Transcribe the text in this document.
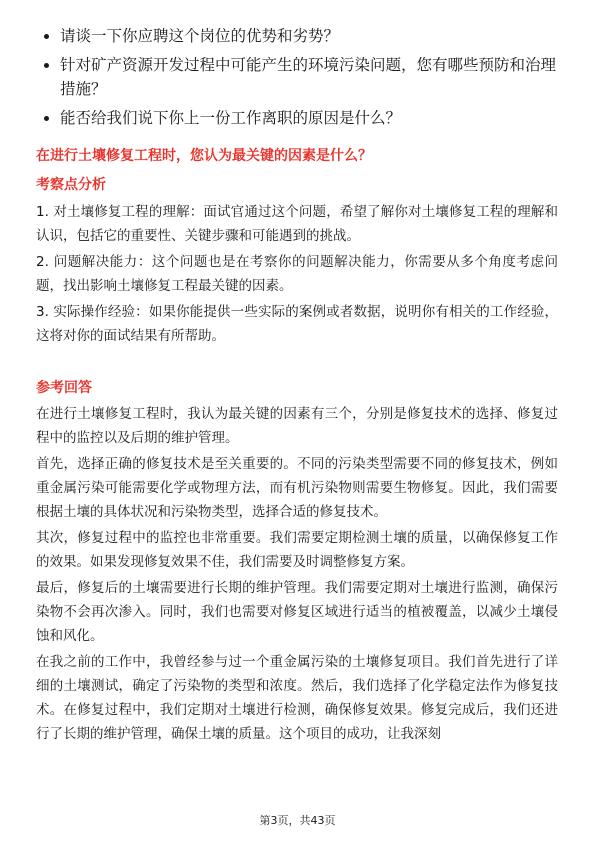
请谈一下你应聘这个岗位的优势和劣势？
针对矿产资源开发过程中可能产生的环境污染问题，您有哪些预防和治理措施？
能否给我们说下你上一份工作离职的原因是什么？
在进行土壤修复工程时，您认为最关键的因素是什么？
考察点分析

1. 对土壤修复工程的理解：面试官通过这个问题，希望了解你对土壤修复工程的理解和认识，包括它的重要性、关键步骤和可能遇到的挑战。

2. 问题解决能力：这个问题也是在考察你的问题解决能力，你需要从多个角度考虑问题，找出影响土壤修复工程最关键的因素。

3. 实际操作经验：如果你能提供一些实际的案例或者数据，说明你有相关的工作经验，这将对你的面试结果有所帮助。

参考回答

在进行土壤修复工程时，我认为最关键的因素有三个，分别是修复技术的选择、修复过程中的监控以及后期的维护管理。

首先，选择正确的修复技术是至关重要的。不同的污染类型需要不同的修复技术，例如重金属污染可能需要化学或物理方法，而有机污染物则需要生物修复。因此，我们需要根据土壤的具体状况和污染物类型，选择合适的修复技术。

其次，修复过程中的监控也非常重要。我们需要定期检测土壤的质量，以确保修复工作的效果。如果发现修复效果不佳，我们需要及时调整修复方案。

最后，修复后的土壤需要进行长期的维护管理。我们需要定期对土壤进行监测，确保污染物不会再次渗入。同时，我们也需要对修复区域进行适当的植被覆盖，以减少土壤侵蚀和风化。

在我之前的工作中，我曾经参与过一个重金属污染的土壤修复项目。我们首先进行了详细的土壤测试，确定了污染物的类型和浓度。然后，我们选择了化学稳定法作为修复技术。在修复过程中，我们定期对土壤进行检测，确保修复效果。修复完成后，我们还进行了长期的维护管理，确保土壤的质量。这个项目的成功，让我深刻

第3页，共43页
